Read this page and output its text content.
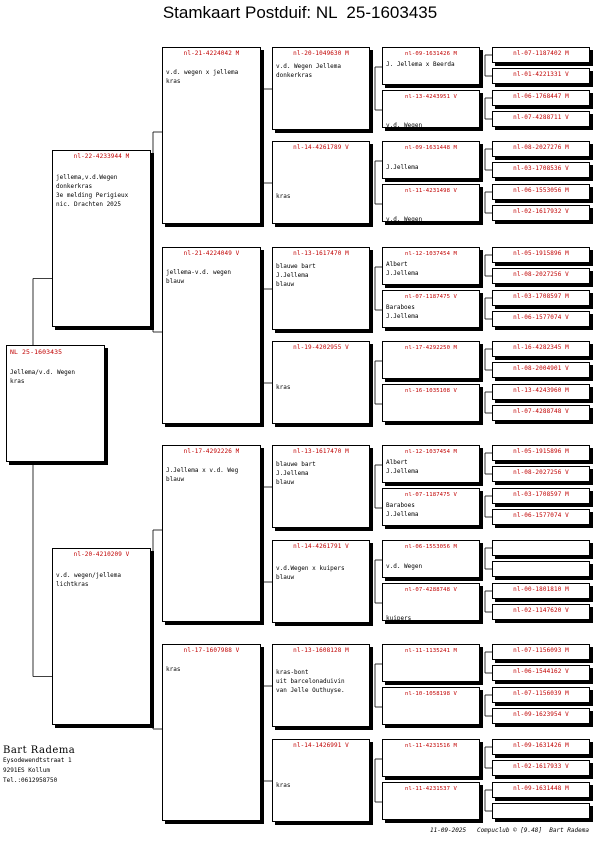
Stamkaart Postduif: NL  25-1603435
NL 25-1603435
Jellema/v.d. Wegen
kras
nl-22-4233944 M
jellema,v.d.Wegen
donkerkras
3e melding Perigieux
nic. Drachten 2025
nl-20-4210209 V
v.d. wegen/jellema
lichtkras
nl-21-4224042 M
v.d. wegen x jellema
kras
nl-21-4224049 V
jellema-v.d. wegen
blauw
nl-17-4292226 M
J.Jellema x v.d. Weg
blauw
nl-17-1607988 V
kras
nl-20-1049630 M
v.d. Wegen Jellema
donkerkras
nl-14-4261789 V

kras
nl-13-1617470 M
blauwe bart
J.Jellema
blauw
nl-19-4202955 V

kras
nl-13-1617470 M
blauwe bart
J.Jellema
blauw
nl-14-4261791 V

v.d.Wegen x kuipers
blauw
nl-13-1608128 M

kras-bont
uit barcelonaduivin
van Jelle Outhuyse.
nl-14-1426991 V

kras
nl-09-1631426 M
J. Jellema x Beerda
nl-13-4243951 V

v.d. Wegen
nl-09-1631448 M

J.Jellema
nl-11-4231498 V

v.d. Wegen
nl-12-1037454 M
Albert
J.Jellema
nl-07-1187475 V
Baraboes
J.Jellema
nl-17-4292250 M
nl-16-1035108 V
nl-12-1037454 M
Albert
J.Jellema
nl-07-1187475 V
Baraboes
J.Jellema
nl-06-1553056 M

v.d. Wegen
nl-07-4288748 V

kuipers
nl-11-1135241 M
nl-10-1058198 V
nl-11-4231516 M
nl-11-4231537 V
nl-07-1187402 M
nl-01-4221331 V
nl-06-1768447 M
nl-07-4288711 V
nl-08-2027276 M
nl-03-1708536 V
nl-06-1553056 M
nl-02-1617932 V
nl-05-1915896 M
nl-08-2027256 V
nl-03-1708597 M
nl-06-1577074 V
nl-16-4282345 M
nl-08-2004901 V
nl-13-4243960 M
nl-07-4288748 V
nl-05-1915896 M
nl-08-2027256 V
nl-03-1708597 M
nl-06-1577074 V
nl-00-1801810 M
nl-02-1147620 V
nl-07-1156093 M
nl-06-1544162 V
nl-07-1156039 M
nl-09-1623954 V
nl-09-1631426 M
nl-02-1617933 V
nl-09-1631448 M
Bart Radema
Eysodewendtstraat 1
9291ES Kollum
Tel.:0612958750
11-09-2025   Compuclub © [9.48]  Bart Radema
